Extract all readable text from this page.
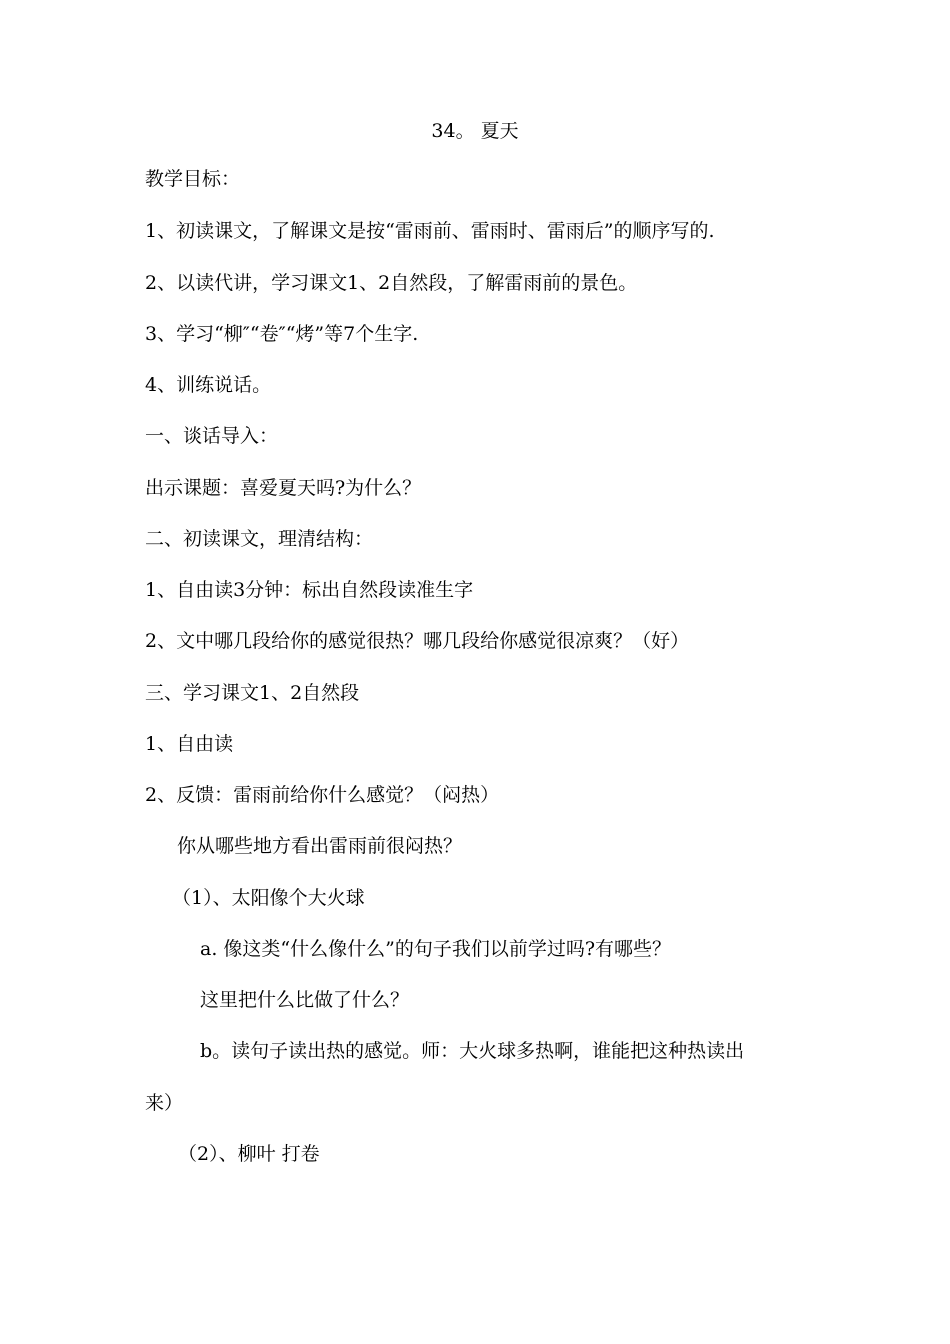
34。 夏天
教学目标：
1、初读课文，了解课文是按“雷雨前、雷雨时、雷雨后”的顺序写的.
2、以读代讲，学习课文1、2自然段，了解雷雨前的景色。
3、学习“柳″“卷″“烤”等7个生字.
4、训练说话。
一、谈话导入：
出示课题：喜爱夏天吗?为什么？
二、初读课文，理清结构：
1、自由读3分钟：标出自然段读准生字
2、文中哪几段给你的感觉很热？哪几段给你感觉很凉爽？（好）
三、学习课文1、2自然段
1、自由读
2、反馈：雷雨前给你什么感觉？（闷热）
你从哪些地方看出雷雨前很闷热？
（1）、太阳像个大火球
a. 像这类“什么像什么”的句子我们以前学过吗?有哪些？
这里把什么比做了什么？
b。读句子读出热的感觉。师：大火球多热啊，谁能把这种热读出
来）
（2）、柳叶 打卷
